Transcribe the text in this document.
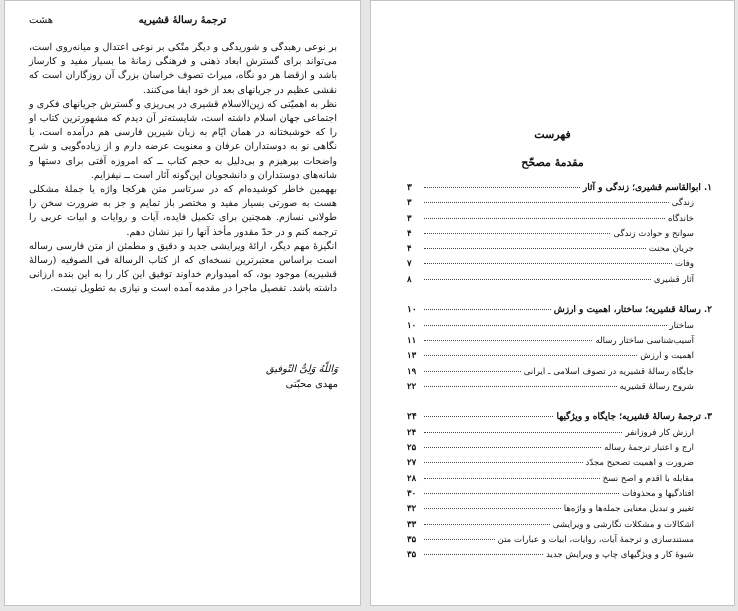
ترجمهٔ رسالهٔ قشیریه
هشت

بر نوعی رهبدگی و شوریدگی و دیگر متّکی بر نوعی اعتدال و میانه‌روی است، می‌تواند برای گسترش ابعاد ذهنی و فرهنگی زمانهٔ ما بسیار مفید و کارساز باشد و ازقضا هر دو نگاه، میراث تصوف خراسان بزرگ آن روزگاران است که نقشی عظیم در جریانهای بعد از خود ایفا می‌کنند.

نظر به اهمیّتی که زین‌الاسلام قشیری در پی‌ریزی و گسترش جریانهای فکری و اجتماعی جهان اسلام داشته است، شایسته‌تر آن دیدم که مشهورترین کتاب او را که خوشبختانه در همان ایّام به زبان شیرین فارسی هم درآمده است، با نگاهی نو به دوستداران عرفان و معنویت عرضه دارم و از زیاده‌گویی و شرح واضحات بپرهیزم و بی‌دلیل به حجم کتاب ــ که امروزه آفتی برای دستها و شانه‌های دوستداران و دانشجویان این‌گونه آثار است ــ نیفزایم.

بههمین خاطر کوشیده‌ام که در سرتاسر متن هرکجا واژه یا جملهٔ مشکلی هست به صورتی بسیار مفید و مختصر باز تمایم و جز به ضرورت سخن را طولانی نسازم. همچنین برای تکمیل فایده، آیات و روایات و ابیات عربی را ترجمه کنم و در حدّ مقدور مأخذ آنها را نیز نشان دهم.

انگیزهٔ مهم دیگر، ارائهٔ ویرایشی جدید و دقیق و مطمئن از متن فارسی رساله است براساس معتبرترین نسخه‌ای که از کتاب الرسالة فی الصوفیه (رسالهٔ قشیریه) موجود بود، که امیدوارم خداوند توفیق این کار را به این بنده ارزانی داشته باشد. تفصیل ماجرا در مقدمه آمده است و نیازی به تطویل نیست.

وَاللّهُ وَلِیُّ التّوفیق
مهدی محبّتی
فهرست
مقدمهٔ مصحّح
۱. ابوالقاسم قشیری؛ زندگی و آثار
۳
زندگی
۳
خاندگاه
۳
سوانح و حوادث زندگی
۴
جریان محنت
۴
وفات
۷
آثار قشیری
۸
۲. رسالهٔ قشیریه؛ ساختار، اهمیت و ارزش
۱۰
ساختار
۱۰
آسیب‌شناسی ساختار رساله
۱۱
اهمیت و ارزش
۱۳
جایگاه رسالهٔ قشیریه در تصوف اسلامی ـ ایرانی
۱۹
شروح رسالهٔ قشیریه
۲۲
۳. ترجمهٔ رسالهٔ قشیریه؛ جایگاه و ویژگیها
۲۴
ارزش کار فروزانفر
۲۴
ارج و اعتبار ترجمهٔ رساله
۲۵
ضرورت و اهمیت تصحیح مجدّد
۲۷
مقابله با اقدم و اصح نسخ
۲۸
افتادگیها و محذوفات
۳۰
تغییر و تبدیل معنایی جمله‌ها و واژه‌ها
۳۲
اشکالات و مشکلات نگارشی و ویرایشی
۳۳
مستندسازی و ترجمهٔ آیات، روایات، ابیات و عبارات متن
۳۵
شیوهٔ کار و ویژگیهای چاپ و ویرایش جدید
۳۵
